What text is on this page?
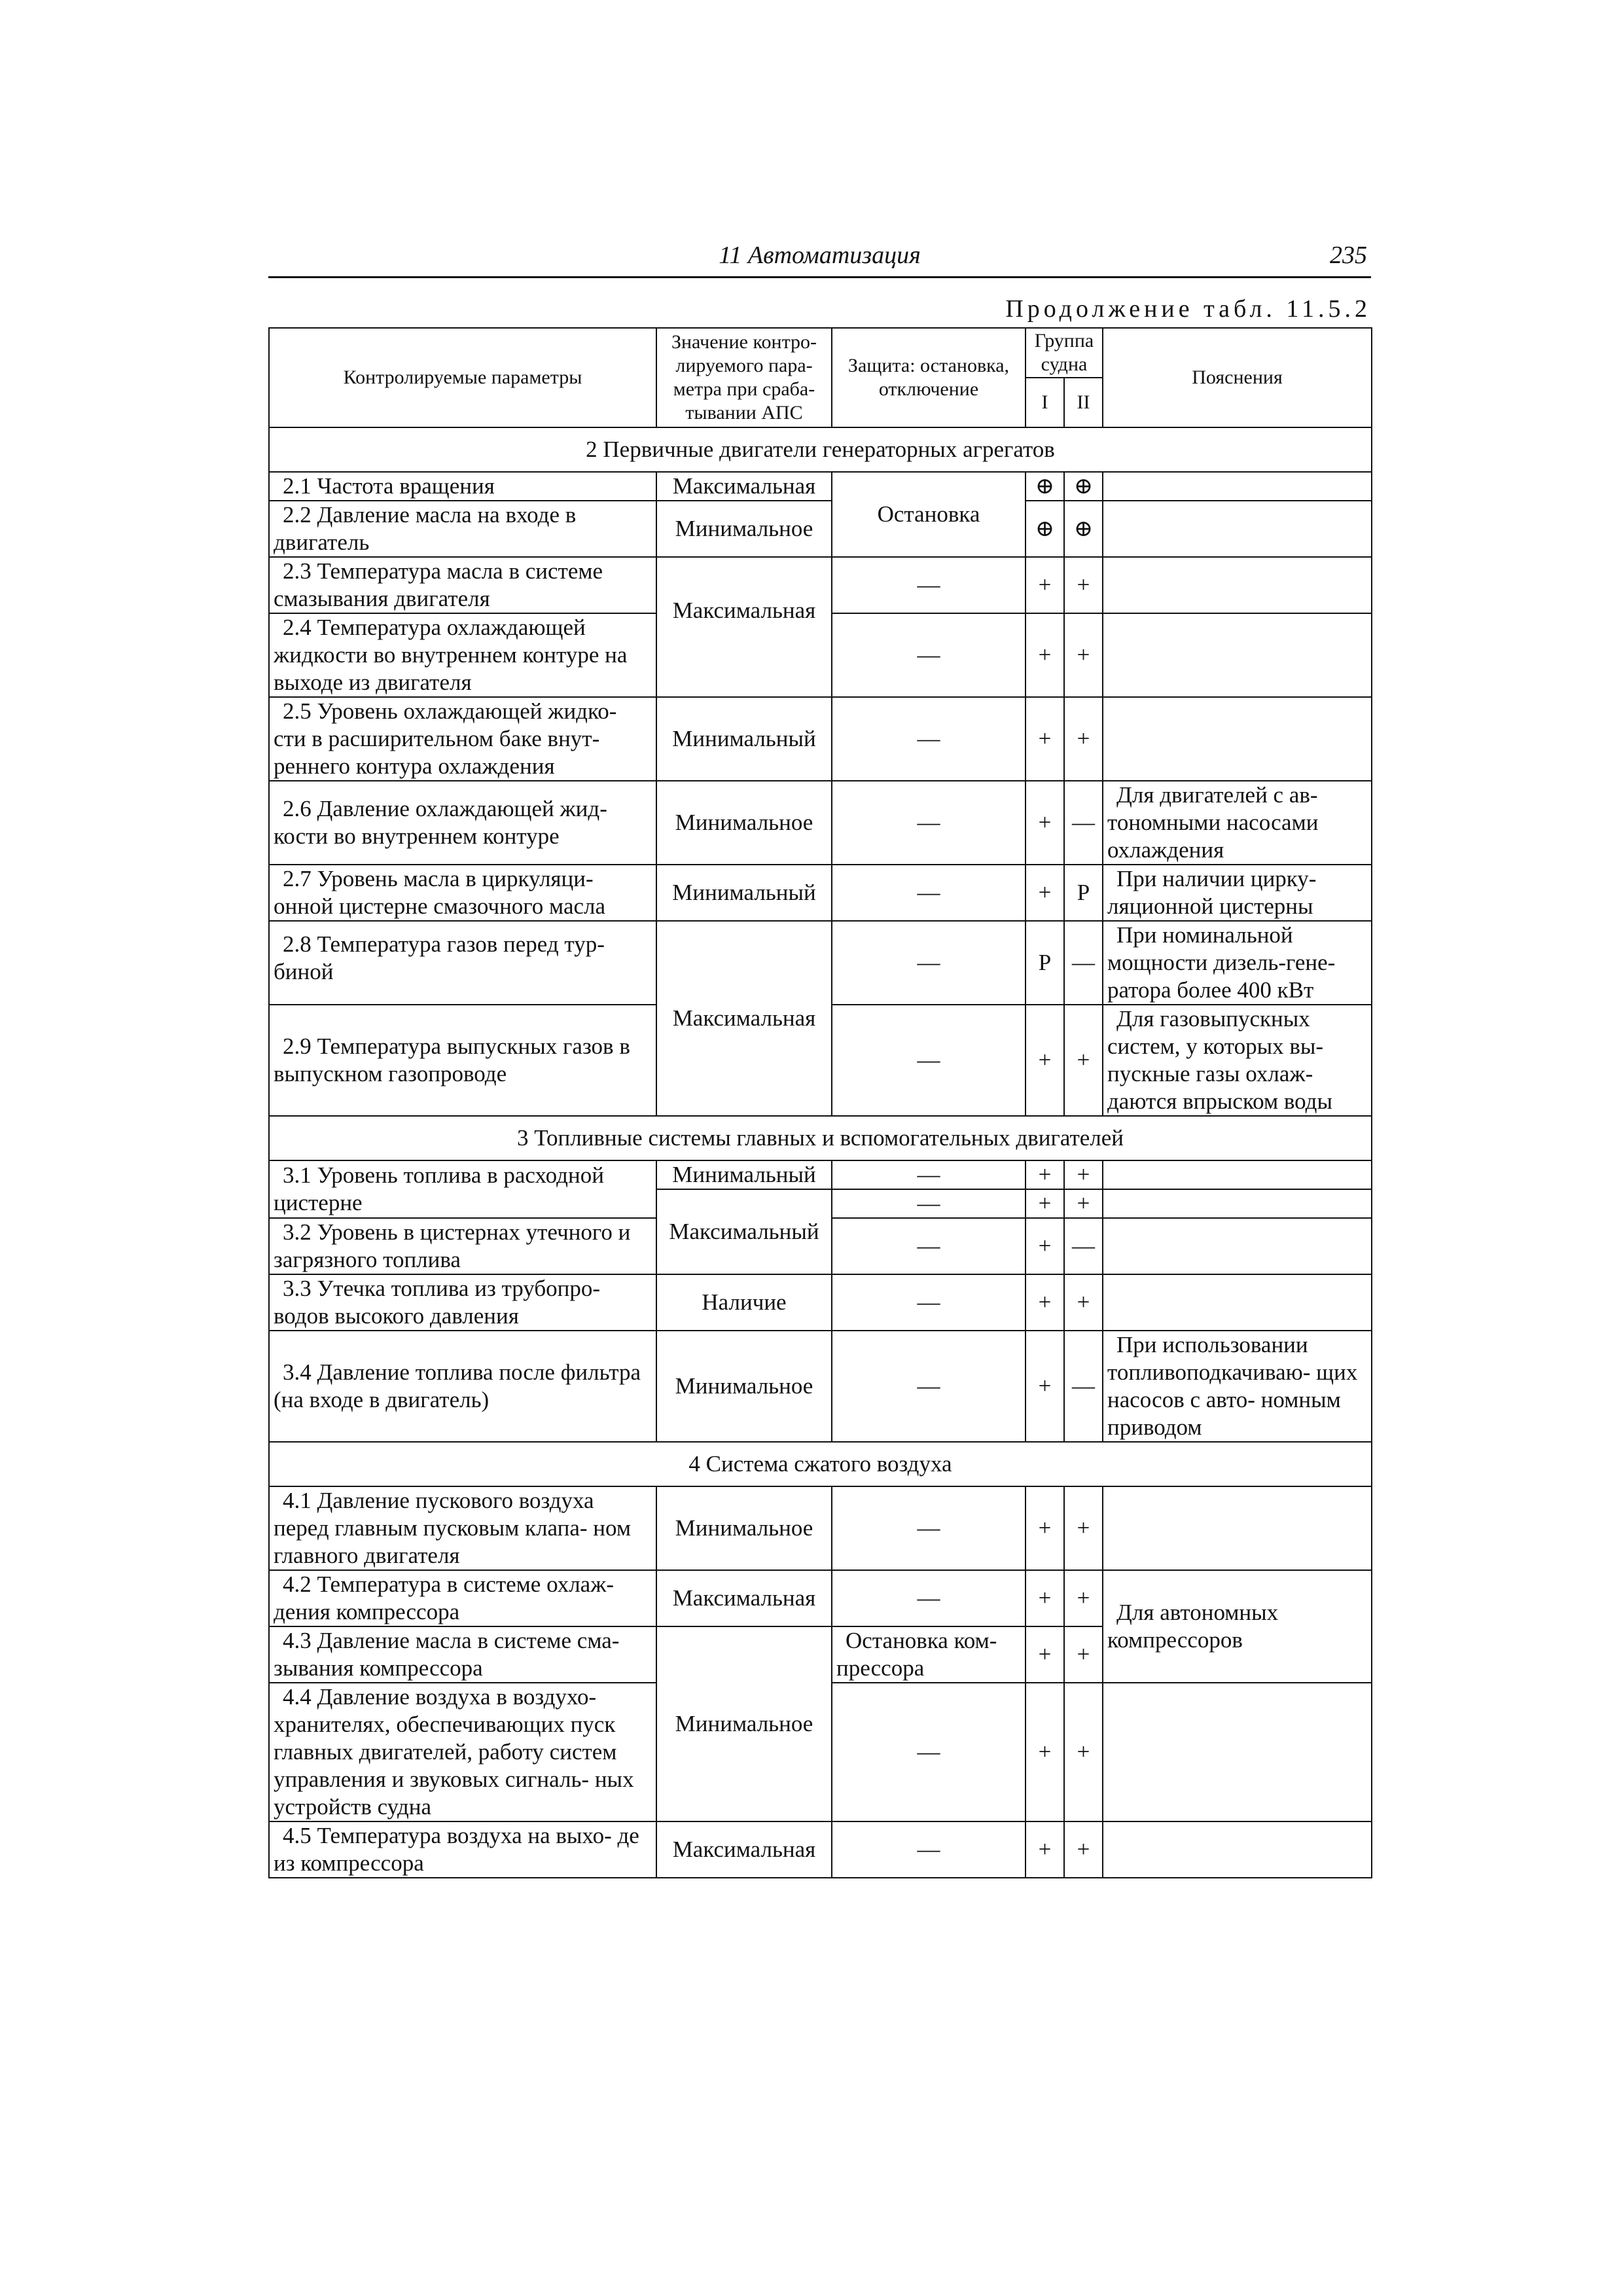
11 Автоматизация	235
Продолжение табл. 11.5.2
Контролируемые параметры	Значение контро- лируемого пара- метра при сраба- тывании АПС	Защита: остановка, отключение	Группа судна		Пояснения
			I	II	
2 Первичные двигатели генераторных агрегатов					
2.1 Частота вращения	Максимальная	Остановка	⊕	⊕	
2.2 Давление масла на входе в двигатель	Минимальное		⊕	⊕	
2.3 Температура масла в системе смазывания двигателя	Максимальная	—	+	+	
2.4 Температура охлаждающей жидкости во внутреннем контуре на выходе из двигателя		—	+	+	
2.5 Уровень охлаждающей жидко- сти в расширительном баке внут- реннего контура охлаждения	Минимальный	—	+	+	
2.6 Давление охлаждающей жид- кости во внутреннем контуре	Минимальное	—	+	—	Для двигателей с ав- тономными насосами охлаждения
2.7 Уровень масла в циркуляци- онной цистерне смазочного масла	Минимальный	—	+	Р	При наличии цирку- ляционной цистерны
2.8 Температура газов перед тур- биной	Максимальная	—	Р	—	При номинальной мощности дизель-гене- ратора более 400 кВт
2.9 Температура выпускных газов в выпускном газопроводе		—	+	+	Для газовыпускных систем, у которых вы- пускные газы охлаж- даются впрыском воды
3 Топливные системы главных и вспомогательных двигателей					
3.1 Уровень топлива в расходной цистерне	Минимальный	—	+	+	
	Максимальный	—	+	+	
3.2 Уровень в цистернах утечного и загрязного топлива		—	+	—	
3.3 Утечка топлива из трубопро- водов высокого давления	Наличие	—	+	+	
3.4 Давление топлива после фильтра (на входе в двигатель)	Минимальное	—	+	—	При использовании топливоподкачиваю- щих насосов с авто- номным приводом
4 Система сжатого воздуха					
4.1 Давление пускового воздуха перед главным пусковым клапа- ном главного двигателя	Минимальное	—	+	+	
4.2 Температура в системе охлаж- дения компрессора	Максимальная	—	+	+	Для автономных компрессоров
4.3 Давление масла в системе сма- зывания компрессора	Минимальное	Остановка ком- прессора	+	+	
4.4 Давление воздуха в воздухо- хранителях, обеспечивающих пуск главных двигателей, работу систем управления и звуковых сигналь- ных устройств судна		—	+	+	
4.5 Температура воздуха на выхо- де из компрессора	Максимальная	—	+	+	
